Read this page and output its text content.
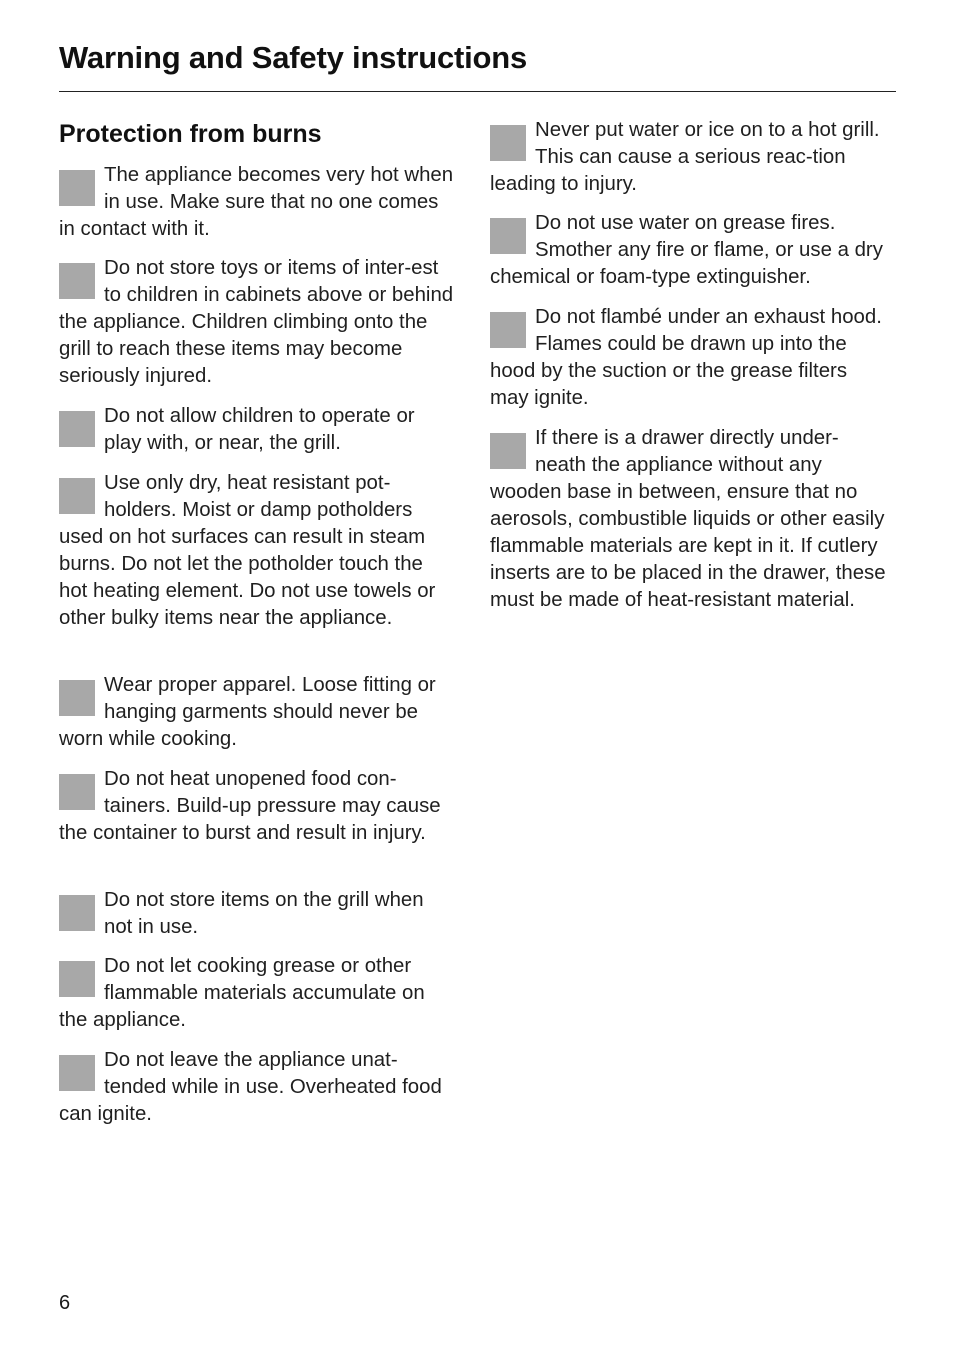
Warning and Safety instructions
Protection from burns

The appliance becomes very hot when in use. Make sure that no one comes in contact with it.

Do not store toys or items of inter-est to children in cabinets above or behind the appliance. Children climbing onto the grill to reach these items may become seriously injured.

Do not allow children to operate or play with, or near, the grill.

Use only dry, heat resistant pot-holders. Moist or damp potholders used on hot surfaces can result in steam burns. Do not let the potholder touch the hot heating element. Do not use towels or other bulky items near the appliance.

Wear proper apparel. Loose fitting or hanging garments should never be worn while cooking.

Do not heat unopened food con-tainers. Build-up pressure may cause the container to burst and result in injury.

Do not store items on the grill when not in use.

Do not let cooking grease or other flammable materials accumulate on the appliance.

Do not leave the appliance unat-tended while in use. Overheated food can ignite.

Never put water or ice on to a hot grill. This can cause a serious reac-tion leading to injury.

Do not use water on grease fires. Smother any fire or flame, or use a dry chemical or foam-type extinguisher.

Do not flambé under an exhaust hood. Flames could be drawn up into the hood by the suction or the grease filters may ignite.

If there is a drawer directly under-neath the appliance without any wooden base in between, ensure that no aerosols, combustible liquids or other easily flammable materials are kept in it. If cutlery inserts are to be placed in the drawer, these must be made of heat-resistant material.

6
